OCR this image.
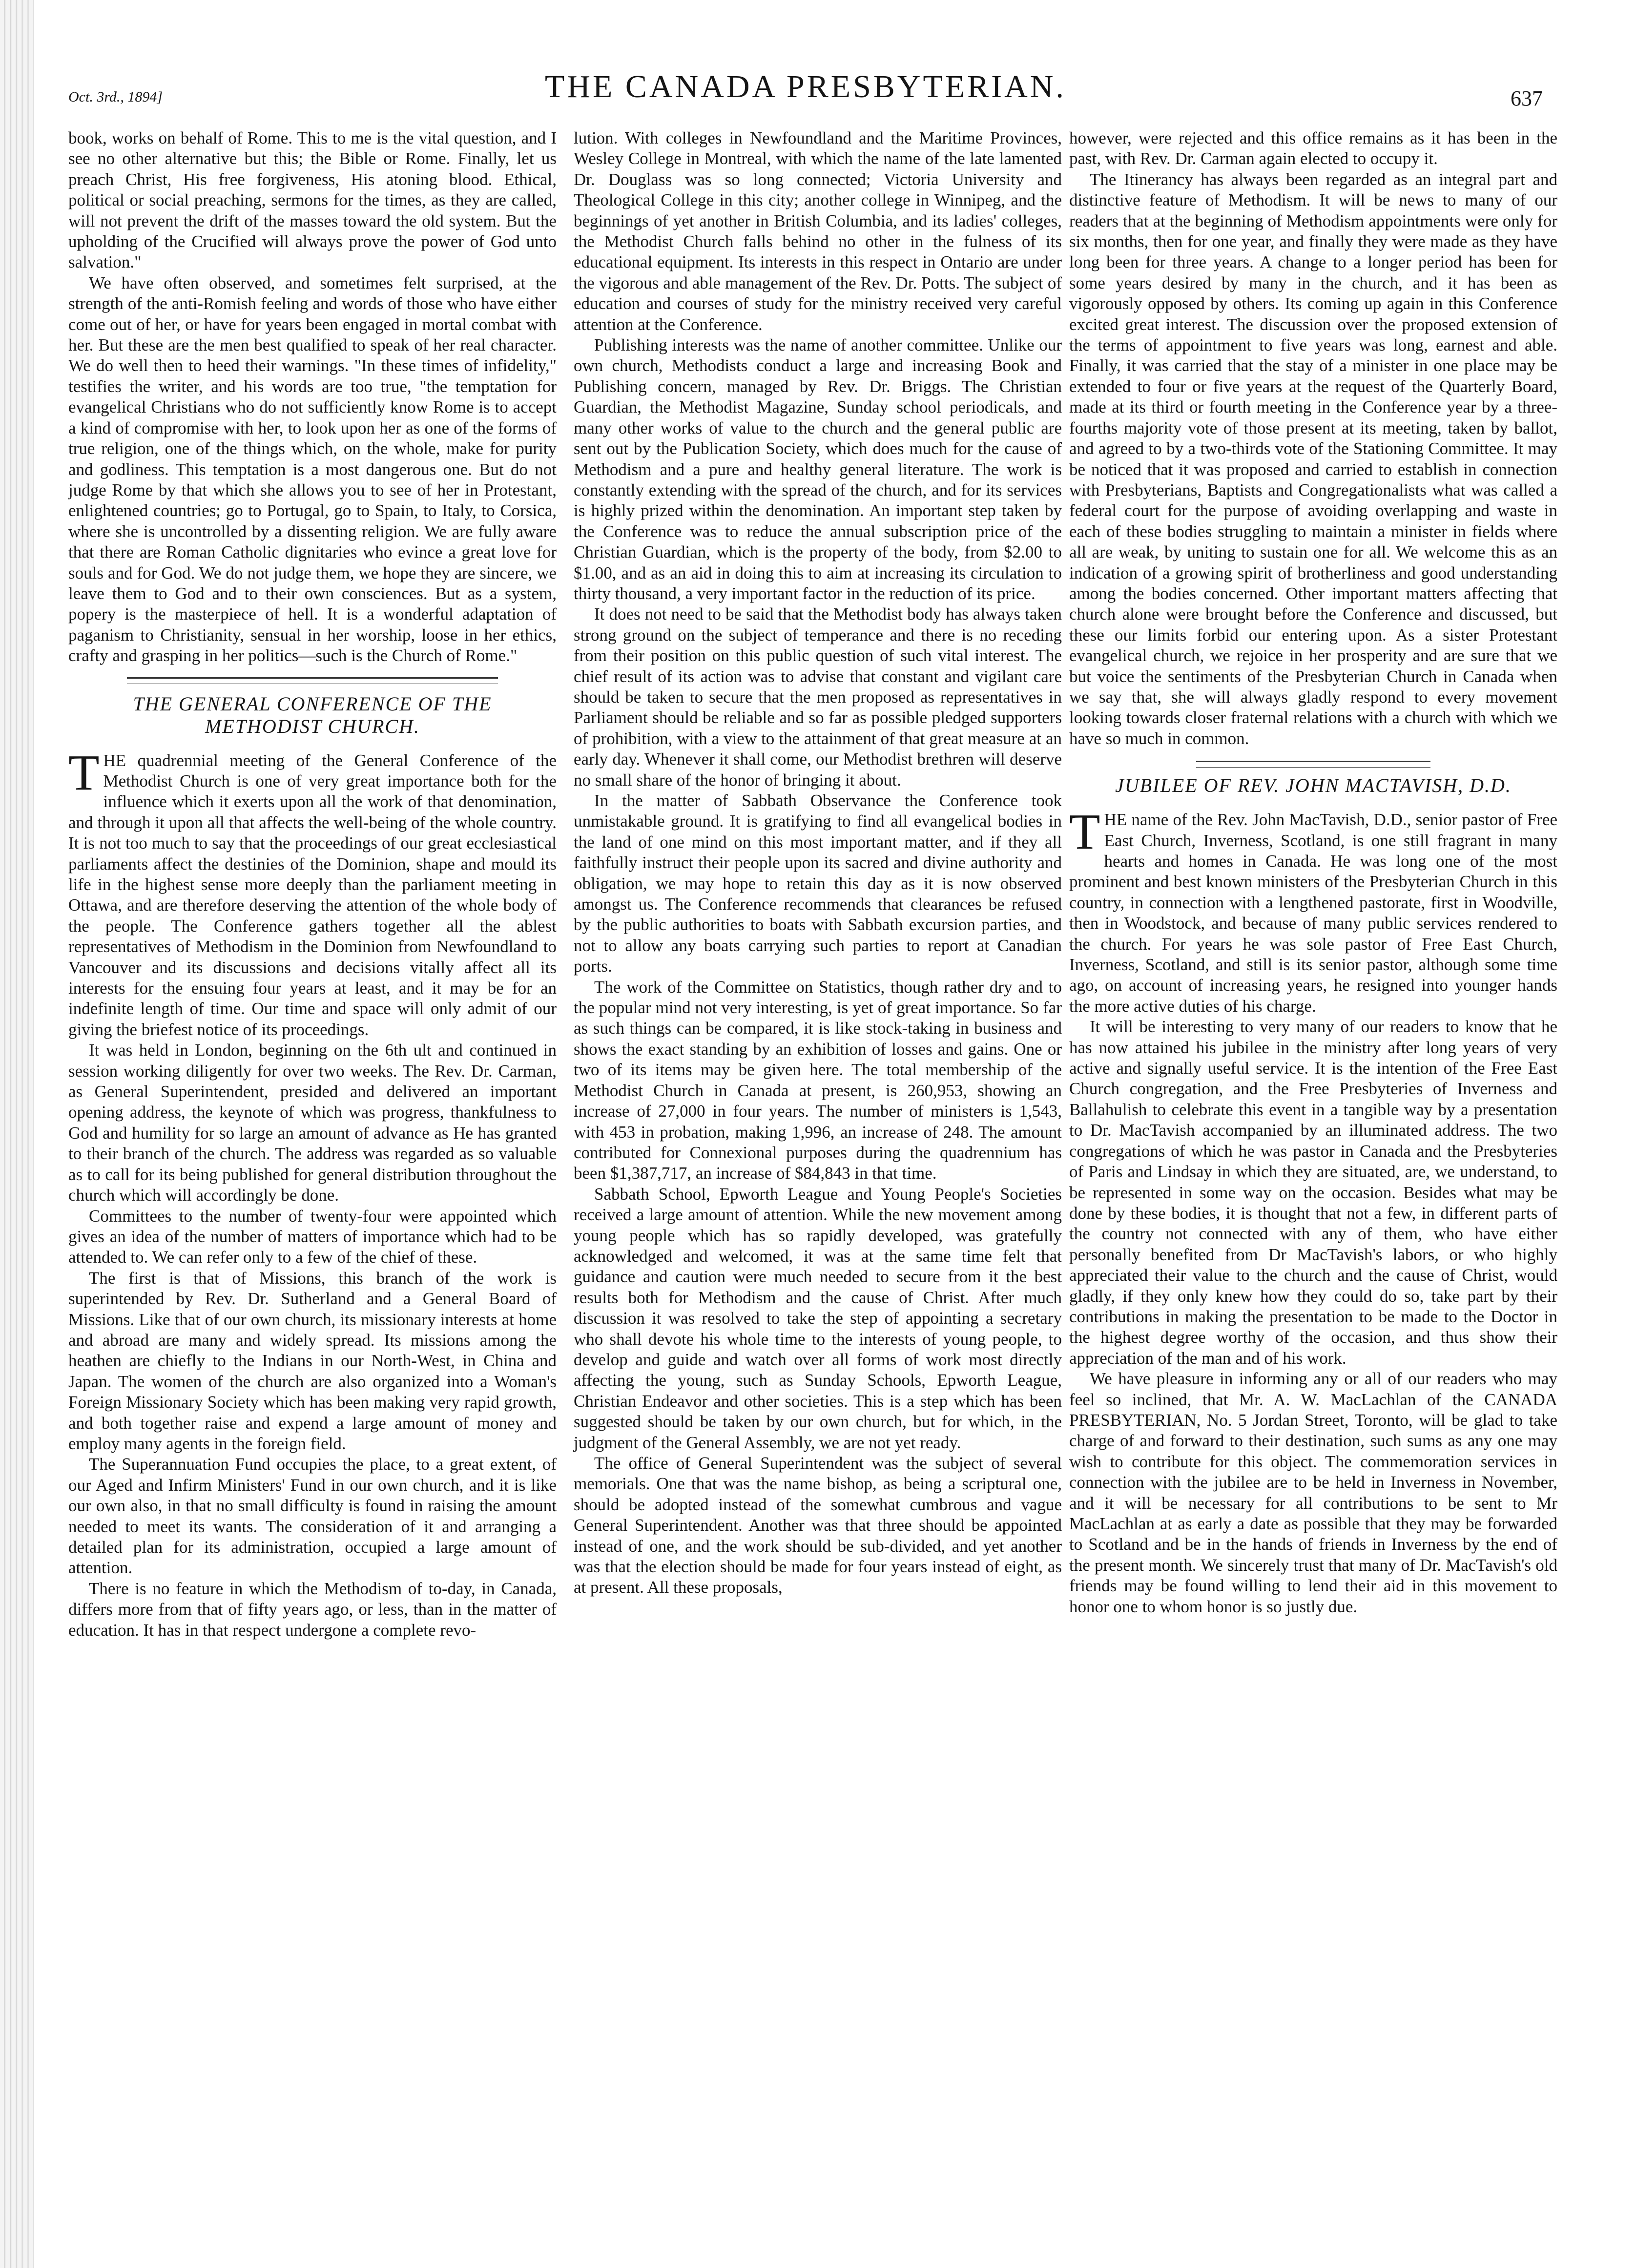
Oct. 3rd., 1894]	THE CANADA PRESBYTERIAN.	637

book, works on behalf of Rome. This to me is the vital question, and I see no other alternative but this; the Bible or Rome. Finally, let us preach Christ, His free forgiveness, His atoning blood. Ethical, political or social preaching, sermons for the times, as they are called, will not prevent the drift of the masses toward the old system. But the upholding of the Crucified will always prove the power of God unto salvation."

We have often observed, and sometimes felt surprised, at the strength of the anti-Romish feeling and words of those who have either come out of her, or have for years been engaged in mortal combat with her. But these are the men best qualified to speak of her real character. We do well then to heed their warnings. "In these times of infidelity," testifies the writer, and his words are too true, "the temptation for evangelical Christians who do not sufficiently know Rome is to accept a kind of compromise with her, to look upon her as one of the forms of true religion, one of the things which, on the whole, make for purity and godliness. This temptation is a most dangerous one. But do not judge Rome by that which she allows you to see of her in Protestant, enlightened countries; go to Portugal, go to Spain, to Italy, to Corsica, where she is uncontrolled by a dissenting religion. We are fully aware that there are Roman Catholic dignitaries who evince a great love for souls and for God. We do not judge them, we hope they are sincere, we leave them to God and to their own consciences. But as a system, popery is the masterpiece of hell. It is a wonderful adaptation of paganism to Christianity, sensual in her worship, loose in her ethics, crafty and grasping in her politics—such is the Church of Rome."

THE GENERAL CONFERENCE OF THE
METHODIST CHURCH.

THE quadrennial meeting of the General Conference of the Methodist Church is one of very great importance both for the influence which it exerts upon all the work of that denomination, and through it upon all that affects the well-being of the whole country. It is not too much to say that the proceedings of our great ecclesiastical parliaments affect the destinies of the Dominion, shape and mould its life in the highest sense more deeply than the parliament meeting in Ottawa, and are therefore deserving the attention of the whole body of the people. The Conference gathers together all the ablest representatives of Methodism in the Dominion from Newfoundland to Vancouver and its discussions and decisions vitally affect all its interests for the ensuing four years at least, and it may be for an indefinite length of time. Our time and space will only admit of our giving the briefest notice of its proceedings.

It was held in London, beginning on the 6th ult and continued in session working diligently for over two weeks. The Rev. Dr. Carman, as General Superintendent, presided and delivered an important opening address, the keynote of which was progress, thankfulness to God and humility for so large an amount of advance as He has granted to their branch of the church. The address was regarded as so valuable as to call for its being published for general distribution throughout the church which will accordingly be done.

Committees to the number of twenty-four were appointed which gives an idea of the number of matters of importance which had to be attended to. We can refer only to a few of the chief of these.

The first is that of Missions, this branch of the work is superintended by Rev. Dr. Sutherland and a General Board of Missions. Like that of our own church, its missionary interests at home and abroad are many and widely spread. Its missions among the heathen are chiefly to the Indians in our North-West, in China and Japan. The women of the church are also organized into a Woman's Foreign Missionary Society which has been making very rapid growth, and both together raise and expend a large amount of money and employ many agents in the foreign field.

The Superannuation Fund occupies the place, to a great extent, of our Aged and Infirm Ministers' Fund in our own church, and it is like our own also, in that no small difficulty is found in raising the amount needed to meet its wants. The consideration of it and arranging a detailed plan for its administration, occupied a large amount of attention.

There is no feature in which the Methodism of to-day, in Canada, differs more from that of fifty years ago, or less, than in the matter of education. It has in that respect undergone a complete revo-

lution. With colleges in Newfoundland and the Maritime Provinces, Wesley College in Montreal, with which the name of the late lamented Dr. Douglass was so long connected; Victoria University and Theological College in this city; another college in Winnipeg, and the beginnings of yet another in British Columbia, and its ladies' colleges, the Methodist Church falls behind no other in the fulness of its educational equipment. Its interests in this respect in Ontario are under the vigorous and able management of the Rev. Dr. Potts. The subject of education and courses of study for the ministry received very careful attention at the Conference.

Publishing interests was the name of another committee. Unlike our own church, Methodists conduct a large and increasing Book and Publishing concern, managed by Rev. Dr. Briggs. The Christian Guardian, the Methodist Magazine, Sunday school periodicals, and many other works of value to the church and the general public are sent out by the Publication Society, which does much for the cause of Methodism and a pure and healthy general literature. The work is constantly extending with the spread of the church, and for its services is highly prized within the denomination. An important step taken by the Conference was to reduce the annual subscription price of the Christian Guardian, which is the property of the body, from $2.00 to $1.00, and as an aid in doing this to aim at increasing its circulation to thirty thousand, a very important factor in the reduction of its price.

It does not need to be said that the Methodist body has always taken strong ground on the subject of temperance and there is no receding from their position on this public question of such vital interest. The chief result of its action was to advise that constant and vigilant care should be taken to secure that the men proposed as representatives in Parliament should be reliable and so far as possible pledged supporters of prohibition, with a view to the attainment of that great measure at an early day. Whenever it shall come, our Methodist brethren will deserve no small share of the honor of bringing it about.

In the matter of Sabbath Observance the Conference took unmistakable ground. It is gratifying to find all evangelical bodies in the land of one mind on this most important matter, and if they all faithfully instruct their people upon its sacred and divine authority and obligation, we may hope to retain this day as it is now observed amongst us. The Conference recommends that clearances be refused by the public authorities to boats with Sabbath excursion parties, and not to allow any boats carrying such parties to report at Canadian ports.

The work of the Committee on Statistics, though rather dry and to the popular mind not very interesting, is yet of great importance. So far as such things can be compared, it is like stock-taking in business and shows the exact standing by an exhibition of losses and gains. One or two of its items may be given here. The total membership of the Methodist Church in Canada at present, is 260,953, showing an increase of 27,000 in four years. The number of ministers is 1,543, with 453 in probation, making 1,996, an increase of 248. The amount contributed for Connexional purposes during the quadrennium has been $1,387,717, an increase of $84,843 in that time.

Sabbath School, Epworth League and Young People's Societies received a large amount of attention. While the new movement among young people which has so rapidly developed, was gratefully acknowledged and welcomed, it was at the same time felt that guidance and caution were much needed to secure from it the best results both for Methodism and the cause of Christ. After much discussion it was resolved to take the step of appointing a secretary who shall devote his whole time to the interests of young people, to develop and guide and watch over all forms of work most directly affecting the young, such as Sunday Schools, Epworth League, Christian Endeavor and other societies. This is a step which has been suggested should be taken by our own church, but for which, in the judgment of the General Assembly, we are not yet ready.

The office of General Superintendent was the subject of several memorials. One that was the name bishop, as being a scriptural one, should be adopted instead of the somewhat cumbrous and vague General Superintendent. Another was that three should be appointed instead of one, and the work should be sub-divided, and yet another was that the election should be made for four years instead of eight, as at present. All these proposals,

however, were rejected and this office remains as it has been in the past, with Rev. Dr. Carman again elected to occupy it.

The Itinerancy has always been regarded as an integral part and distinctive feature of Methodism. It will be news to many of our readers that at the beginning of Methodism appointments were only for six months, then for one year, and finally they were made as they have long been for three years. A change to a longer period has been for some years desired by many in the church, and it has been as vigorously opposed by others. Its coming up again in this Conference excited great interest. The discussion over the proposed extension of the terms of appointment to five years was long, earnest and able. Finally, it was carried that the stay of a minister in one place may be extended to four or five years at the request of the Quarterly Board, made at its third or fourth meeting in the Conference year by a three-fourths majority vote of those present at its meeting, taken by ballot, and agreed to by a two-thirds vote of the Stationing Committee. It may be noticed that it was proposed and carried to establish in connection with Presbyterians, Baptists and Congregationalists what was called a federal court for the purpose of avoiding overlapping and waste in each of these bodies struggling to maintain a minister in fields where all are weak, by uniting to sustain one for all. We welcome this as an indication of a growing spirit of brotherliness and good understanding among the bodies concerned. Other important matters affecting that church alone were brought before the Conference and discussed, but these our limits forbid our entering upon. As a sister Protestant evangelical church, we rejoice in her prosperity and are sure that we but voice the sentiments of the Presbyterian Church in Canada when we say that, she will always gladly respond to every movement looking towards closer fraternal relations with a church with which we have so much in common.

JUBILEE OF REV. JOHN MACTAVISH, D.D.

THE name of the Rev. John MacTavish, D.D., senior pastor of Free East Church, Inverness, Scotland, is one still fragrant in many hearts and homes in Canada. He was long one of the most prominent and best known ministers of the Presbyterian Church in this country, in connection with a lengthened pastorate, first in Woodville, then in Woodstock, and because of many public services rendered to the church. For years he was sole pastor of Free East Church, Inverness, Scotland, and still is its senior pastor, although some time ago, on account of increasing years, he resigned into younger hands the more active duties of his charge.

It will be interesting to very many of our readers to know that he has now attained his jubilee in the ministry after long years of very active and signally useful service. It is the intention of the Free East Church congregation, and the Free Presbyteries of Inverness and Ballahulish to celebrate this event in a tangible way by a presentation to Dr. MacTavish accompanied by an illuminated address. The two congregations of which he was pastor in Canada and the Presbyteries of Paris and Lindsay in which they are situated, are, we understand, to be represented in some way on the occasion. Besides what may be done by these bodies, it is thought that not a few, in different parts of the country not connected with any of them, who have either personally benefited from Dr MacTavish's labors, or who highly appreciated their value to the church and the cause of Christ, would gladly, if they only knew how they could do so, take part by their contributions in making the presentation to be made to the Doctor in the highest degree worthy of the occasion, and thus show their appreciation of the man and of his work.

We have pleasure in informing any or all of our readers who may feel so inclined, that Mr. A. W. MacLachlan of the CANADA PRESBYTERIAN, No. 5 Jordan Street, Toronto, will be glad to take charge of and forward to their destination, such sums as any one may wish to contribute for this object. The commemoration services in connection with the jubilee are to be held in Inverness in November, and it will be necessary for all contributions to be sent to Mr MacLachlan at as early a date as possible that they may be forwarded to Scotland and be in the hands of friends in Inverness by the end of the present month. We sincerely trust that many of Dr. MacTavish's old friends may be found willing to lend their aid in this movement to honor one to whom honor is so justly due.
